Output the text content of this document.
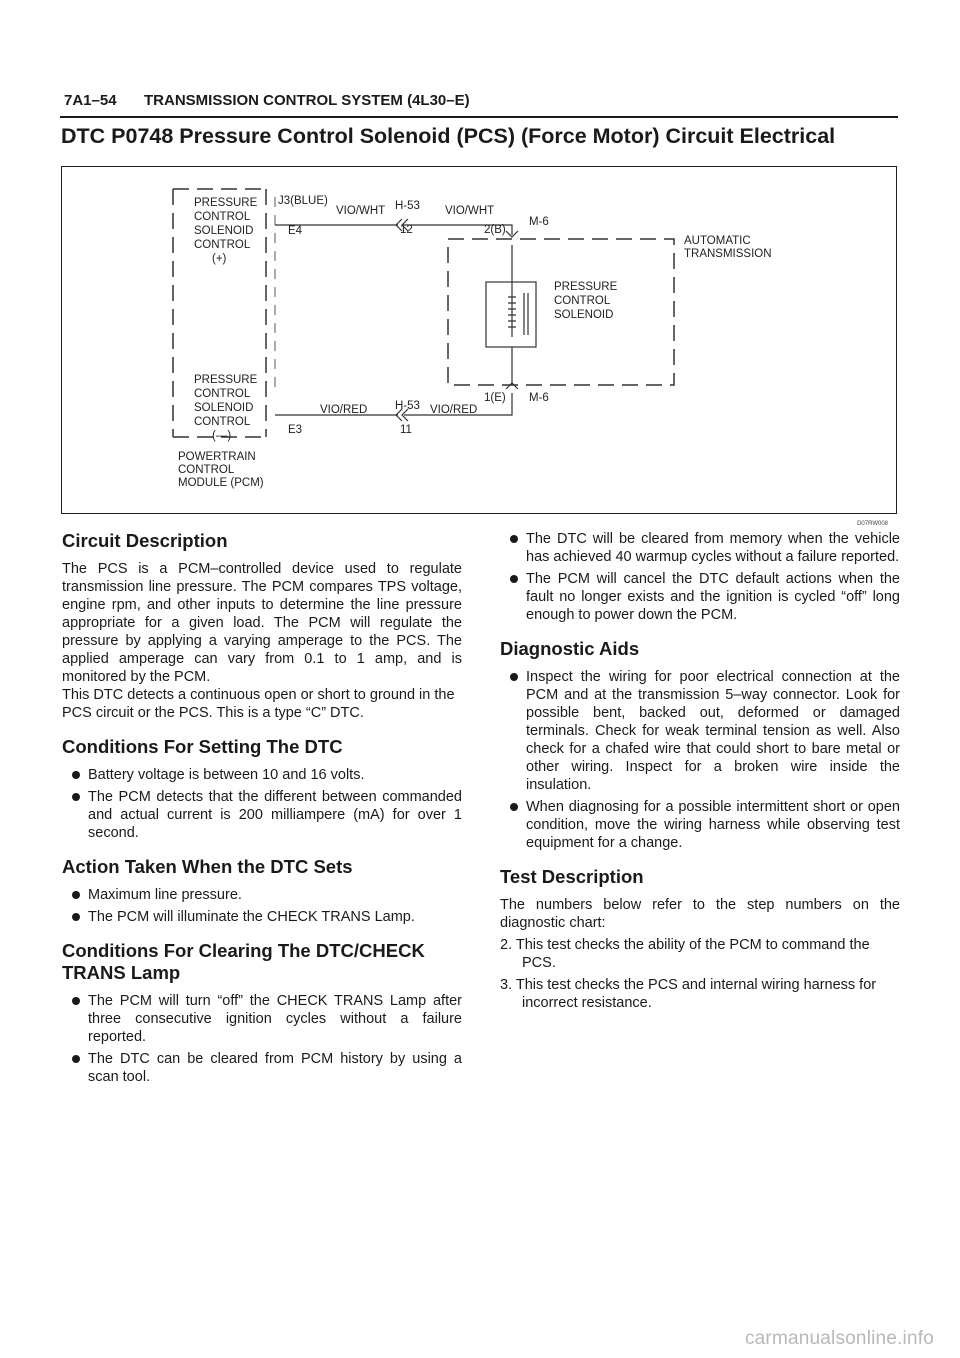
7A1–54 TRANSMISSION CONTROL SYSTEM (4L30–E)
DTC P0748 Pressure Control Solenoid (PCS) (Force Motor) Circuit Electrical
PRESSURE
CONTROL
SOLENOID
CONTROL
(+)
PRESSURE
CONTROL
SOLENOID
CONTROL
(—)
POWERTRAIN
CONTROL
MODULE (PCM)
J3(BLUE)
E4
E3
VIO/WHT	VIO/WHT
VIO/RED	VIO/RED
H-53
H-53
12
11
2(B)
1(E)
M-6
M-6
AUTOMATIC
TRANSMISSION
PRESSURE
CONTROL
SOLENOID
D07RW008
Circuit Description

The PCS is a PCM–controlled device used to regulate transmission line pressure. The PCM compares TPS voltage, engine rpm, and other inputs to determine the line pressure appropriate for a given load. The PCM will regulate the pressure by applying a varying amperage to the PCS. The applied amperage can vary from 0.1 to 1 amp, and is monitored by the PCM.

This DTC detects a continuous open or short to ground in the PCS circuit or the PCS. This is a type “C” DTC.

Conditions For Setting The DTC
Battery voltage is between 10 and 16 volts.
The PCM detects that the different between commanded and actual current is 200 milliampere (mA) for over 1 second.
Action Taken When the DTC Sets
Maximum line pressure.
The PCM will illuminate the CHECK TRANS Lamp.
Conditions For Clearing The DTC/CHECK TRANS Lamp
The PCM will turn “off” the CHECK TRANS Lamp after three consecutive ignition cycles without a failure reported.
The DTC can be cleared from PCM history by using a scan tool.
The DTC will be cleared from memory when the vehicle has achieved 40 warmup cycles without a failure reported.
The PCM will cancel the DTC default actions when the fault no longer exists and the ignition is cycled “off” long enough to power down the PCM.
Diagnostic Aids
Inspect the wiring for poor electrical connection at the PCM and at the transmission 5–way connector. Look for possible bent, backed out, deformed or damaged terminals. Check for weak terminal tension as well. Also check for a chafed wire that could short to bare metal or other wiring. Inspect for a broken wire inside the insulation.
When diagnosing for a possible intermittent short or open condition, move the wiring harness while observing test equipment for a change.
Test Description

The numbers below refer to the step numbers on the diagnostic chart:

2. This test checks the ability of the PCM to command the PCS.

3. This test checks the PCS and internal wiring harness for incorrect resistance.

carmanualsonline.info
